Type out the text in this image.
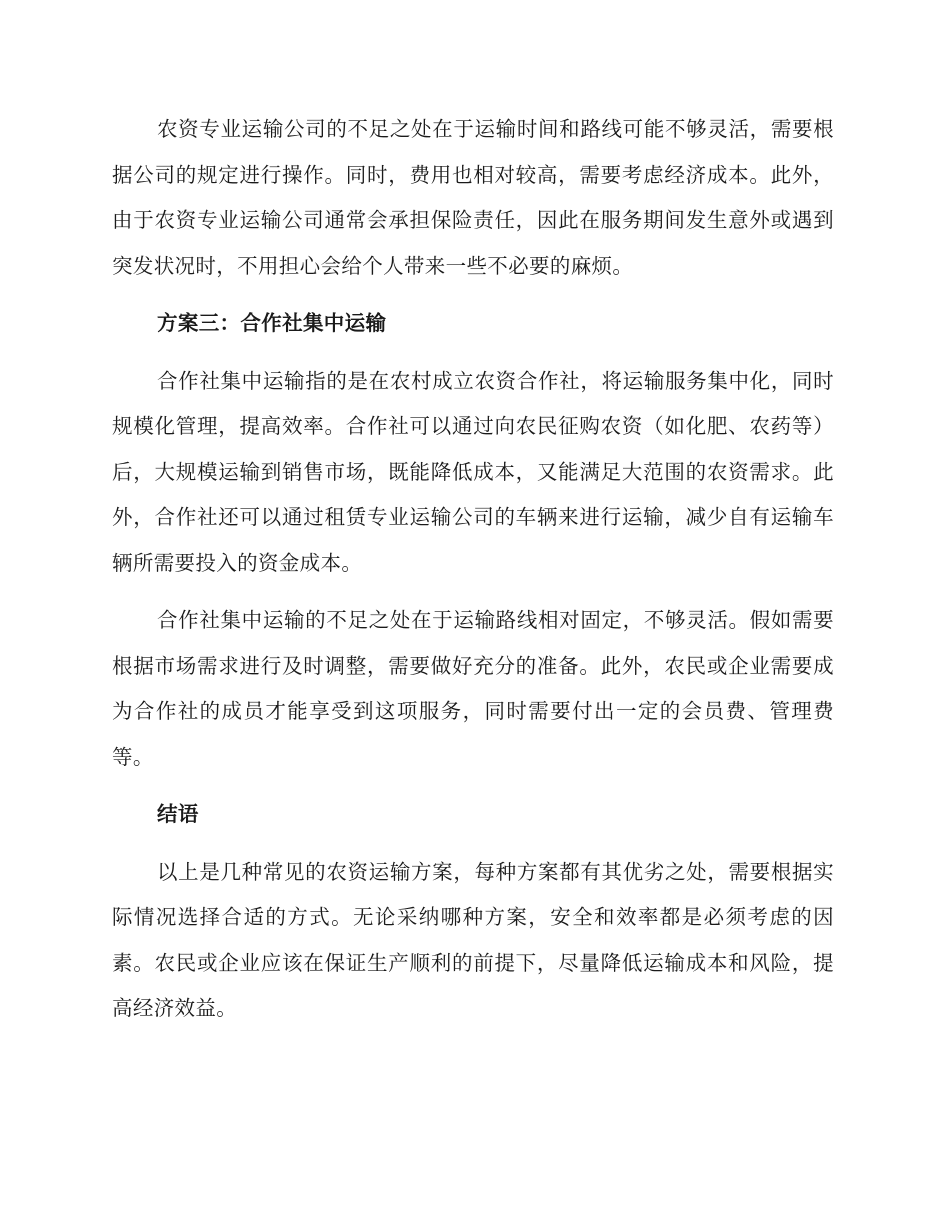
农资专业运输公司的不足之处在于运输时间和路线可能不够灵活，需要根据公司的规定进行操作。同时，费用也相对较高，需要考虑经济成本。此外，由于农资专业运输公司通常会承担保险责任，因此在服务期间发生意外或遇到突发状况时，不用担心会给个人带来一些不必要的麻烦。

方案三：合作社集中运输

合作社集中运输指的是在农村成立农资合作社，将运输服务集中化，同时规模化管理，提高效率。合作社可以通过向农民征购农资（如化肥、农药等）后，大规模运输到销售市场，既能降低成本，又能满足大范围的农资需求。此外，合作社还可以通过租赁专业运输公司的车辆来进行运输，减少自有运输车辆所需要投入的资金成本。

合作社集中运输的不足之处在于运输路线相对固定，不够灵活。假如需要根据市场需求进行及时调整，需要做好充分的准备。此外，农民或企业需要成为合作社的成员才能享受到这项服务，同时需要付出一定的会员费、管理费等。

结语

以上是几种常见的农资运输方案，每种方案都有其优劣之处，需要根据实际情况选择合适的方式。无论采纳哪种方案，安全和效率都是必须考虑的因素。农民或企业应该在保证生产顺利的前提下，尽量降低运输成本和风险，提高经济效益。
